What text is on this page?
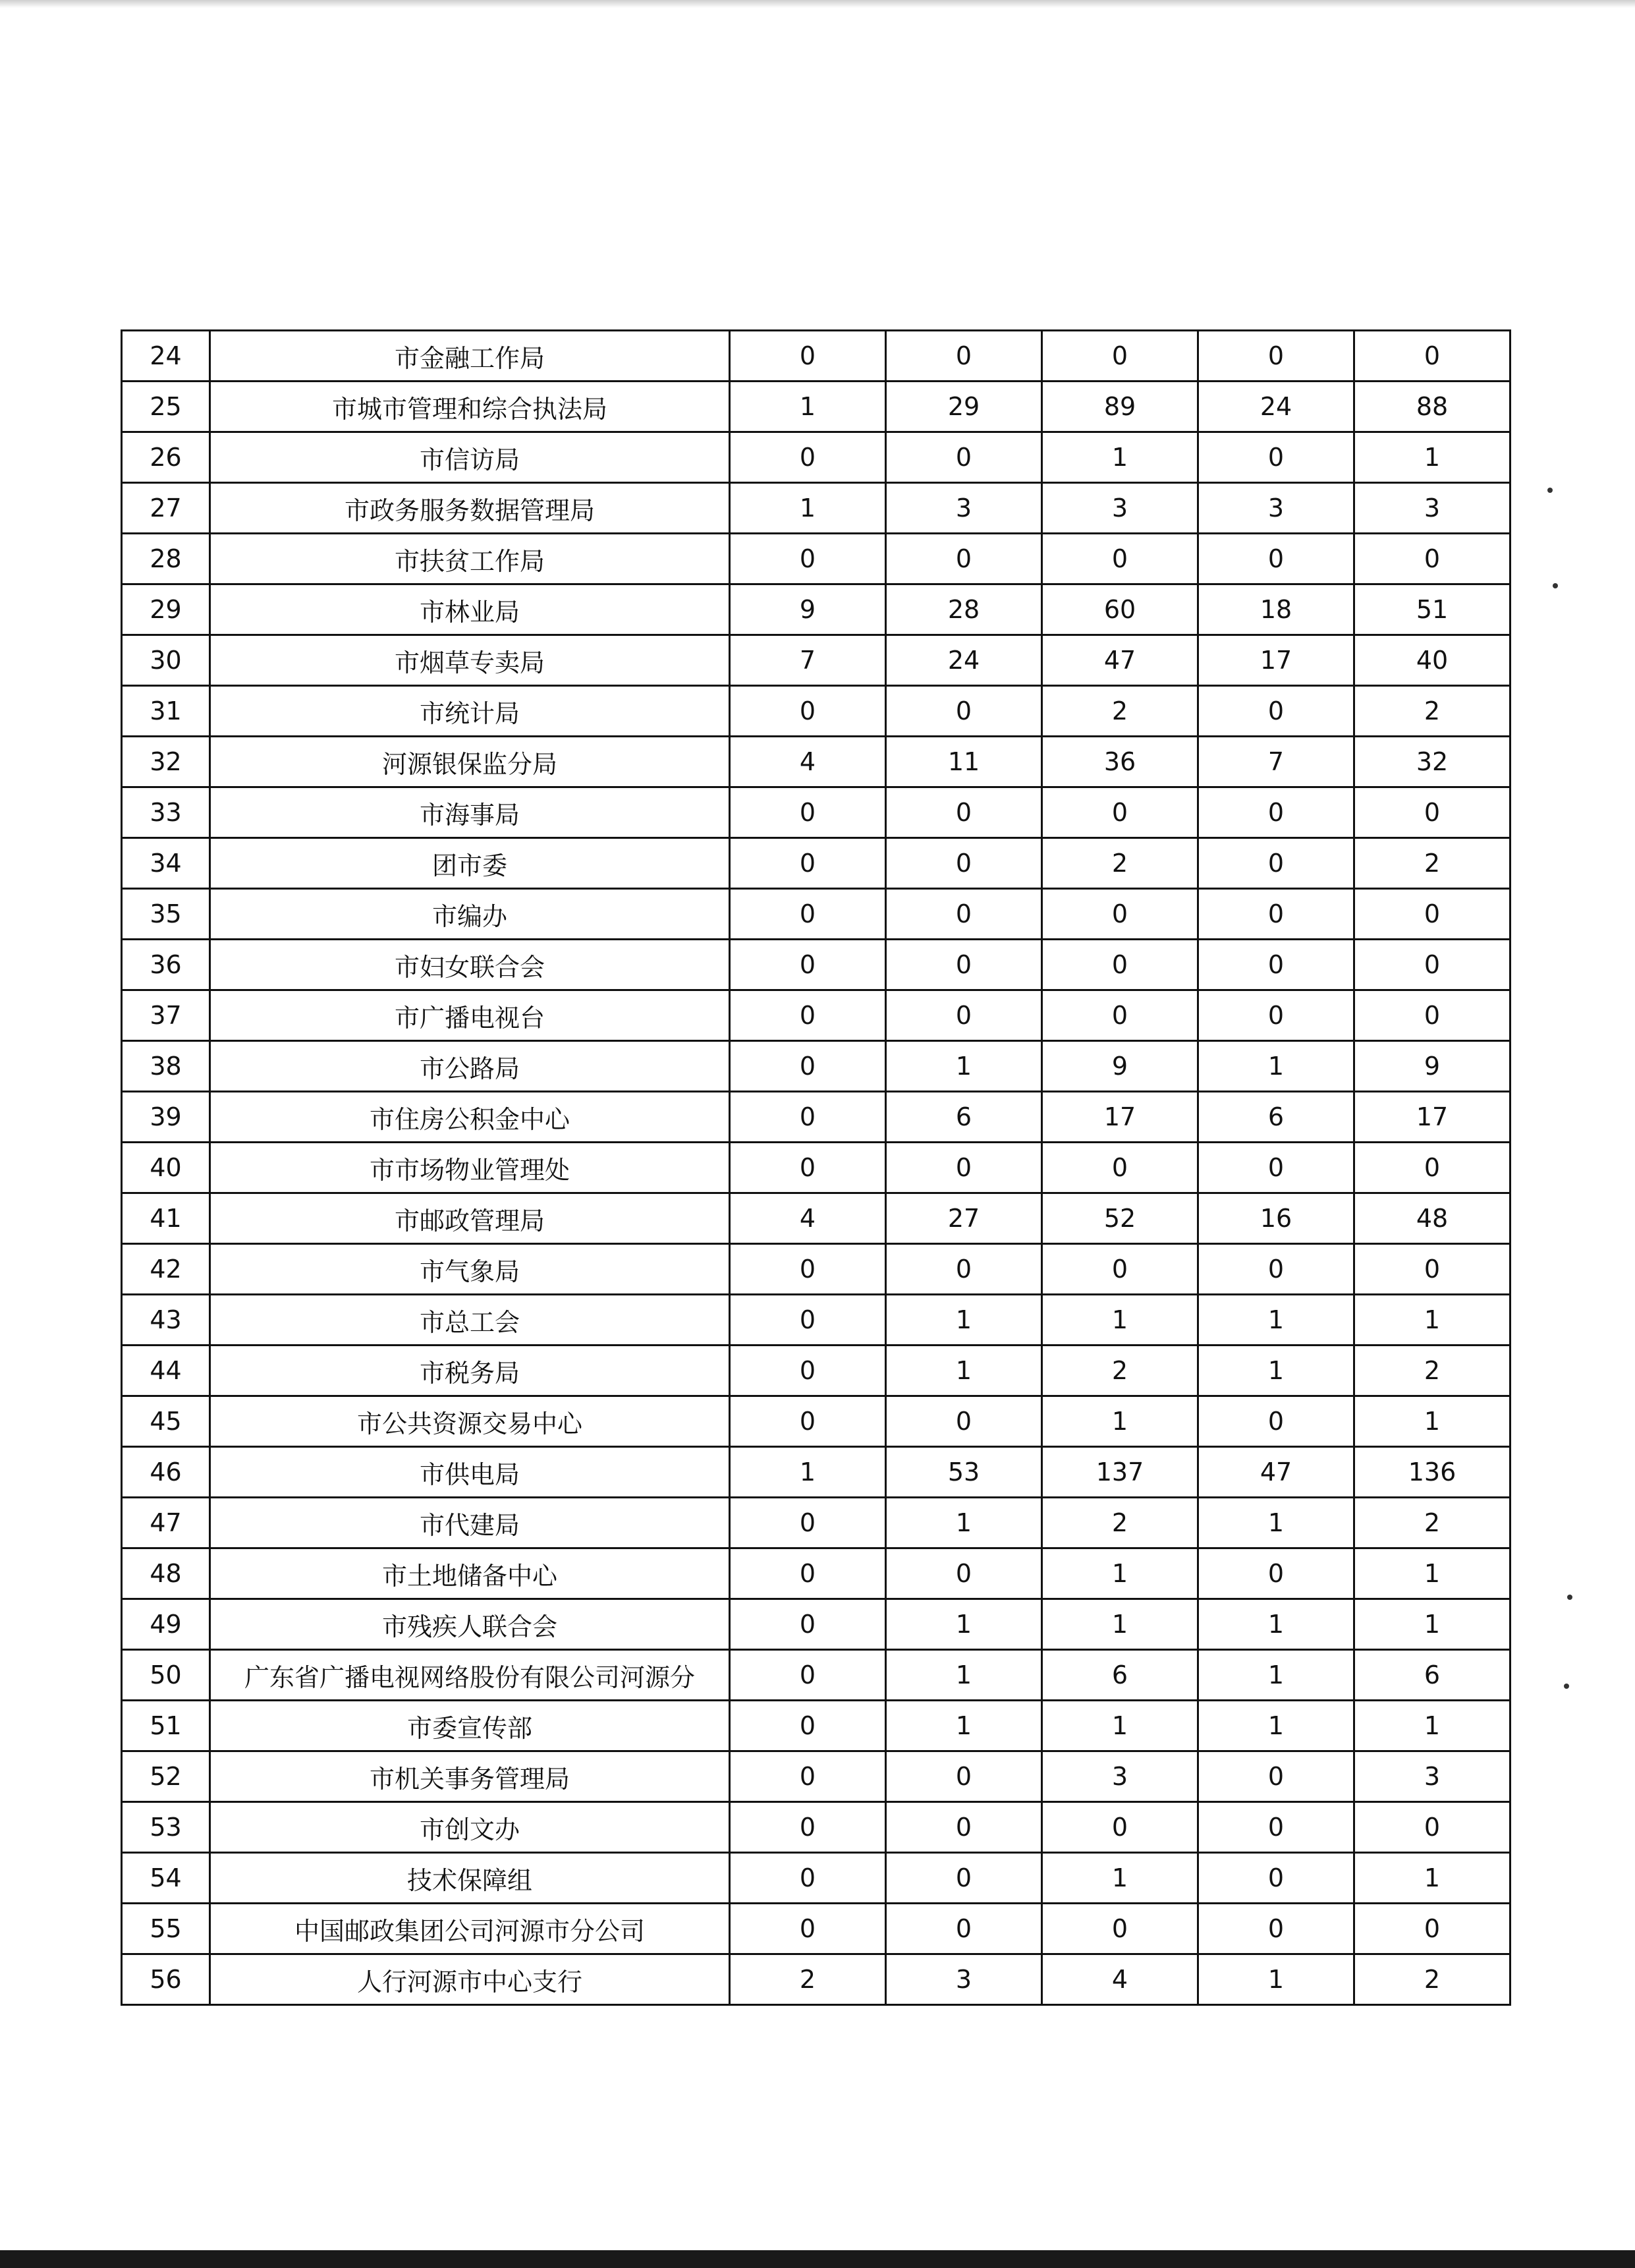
24	市金融工作局	0	0	0	0	0
25	市城市管理和综合执法局	1	29	89	24	88
26	市信访局	0	0	1	0	1
27	市政务服务数据管理局	1	3	3	3	3
28	市扶贫工作局	0	0	0	0	0
29	市林业局	9	28	60	18	51
30	市烟草专卖局	7	24	47	17	40
31	市统计局	0	0	2	0	2
32	河源银保监分局	4	11	36	7	32
33	市海事局	0	0	0	0	0
34	团市委	0	0	2	0	2
35	市编办	0	0	0	0	0
36	市妇女联合会	0	0	0	0	0
37	市广播电视台	0	0	0	0	0
38	市公路局	0	1	9	1	9
39	市住房公积金中心	0	6	17	6	17
40	市市场物业管理处	0	0	0	0	0
41	市邮政管理局	4	27	52	16	48
42	市气象局	0	0	0	0	0
43	市总工会	0	1	1	1	1
44	市税务局	0	1	2	1	2
45	市公共资源交易中心	0	0	1	0	1
46	市供电局	1	53	137	47	136
47	市代建局	0	1	2	1	2
48	市土地储备中心	0	0	1	0	1
49	市残疾人联合会	0	1	1	1	1
50	广东省广播电视网络股份有限公司河源分	0	1	6	1	6
51	市委宣传部	0	1	1	1	1
52	市机关事务管理局	0	0	3	0	3
53	市创文办	0	0	0	0	0
54	技术保障组	0	0	1	0	1
55	中国邮政集团公司河源市分公司	0	0	0	0	0
56	人行河源市中心支行	2	3	4	1	2
